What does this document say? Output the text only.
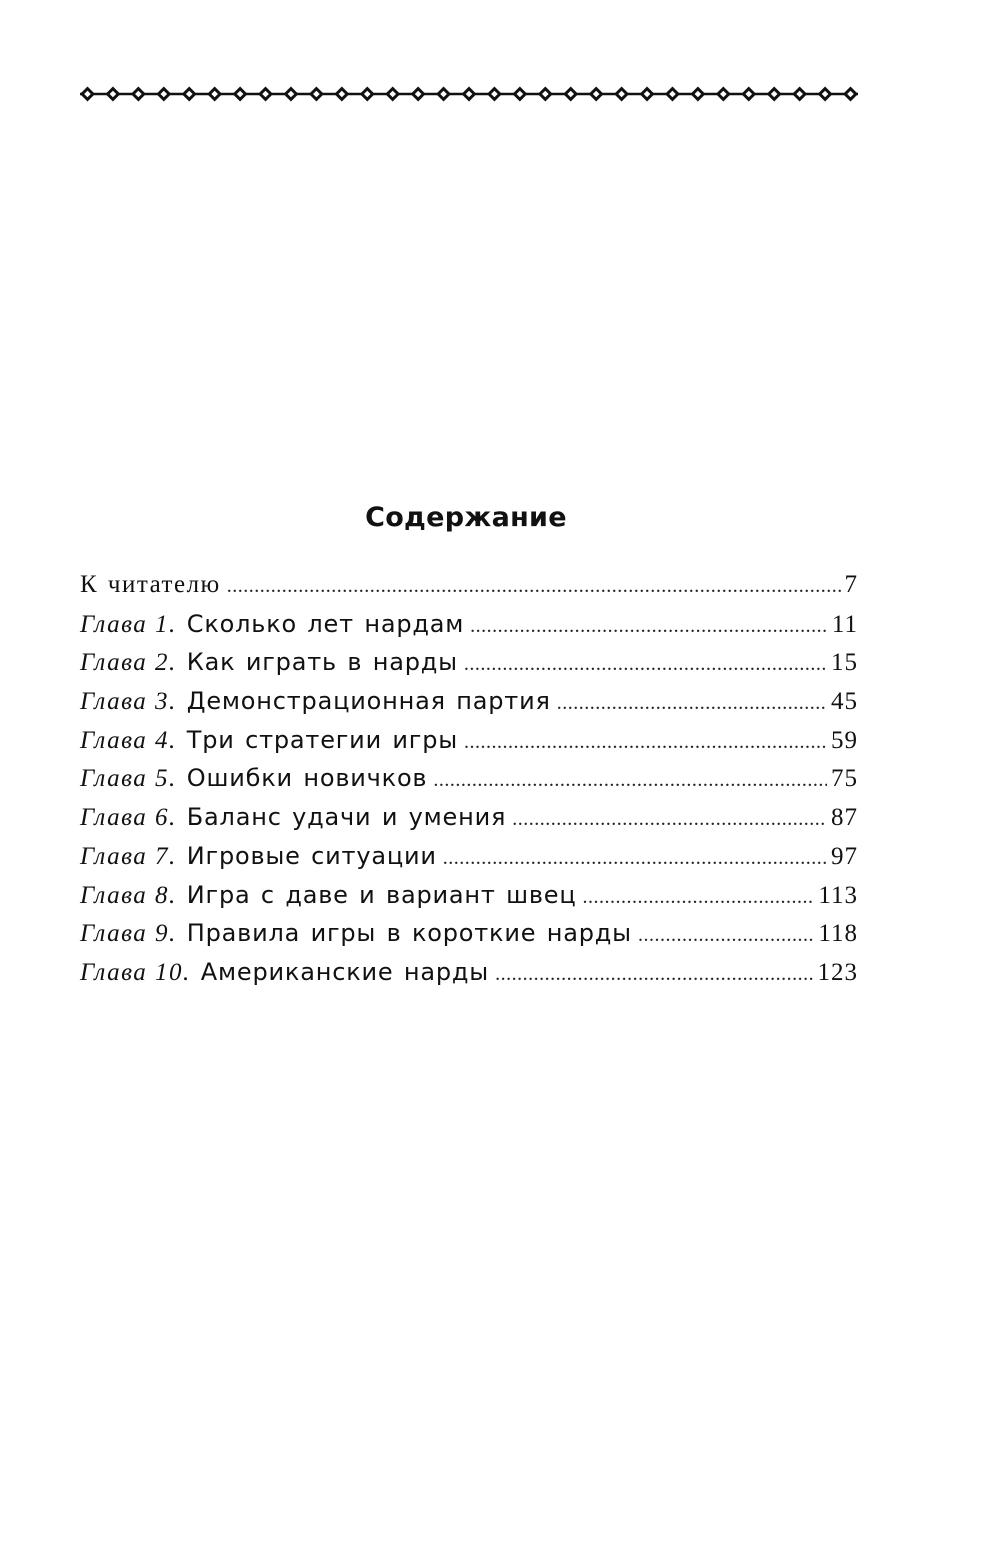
Содержание
К читателю .....	7
Глава 1. Сколько лет нардам .....	11
Глава 2. Как играть в нарды .....	15
Глава 3. Демонстрационная партия .....	45
Глава 4. Три стратегии игры .....	59
Глава 5. Ошибки новичков .....	75
Глава 6. Баланс удачи и умения .....	87
Глава 7. Игровые ситуации .....	97
Глава 8. Игра с даве и вариант швец .....	113
Глава 9. Правила игры в короткие нарды .....	118
Глава 10. Американские нарды .....	123
